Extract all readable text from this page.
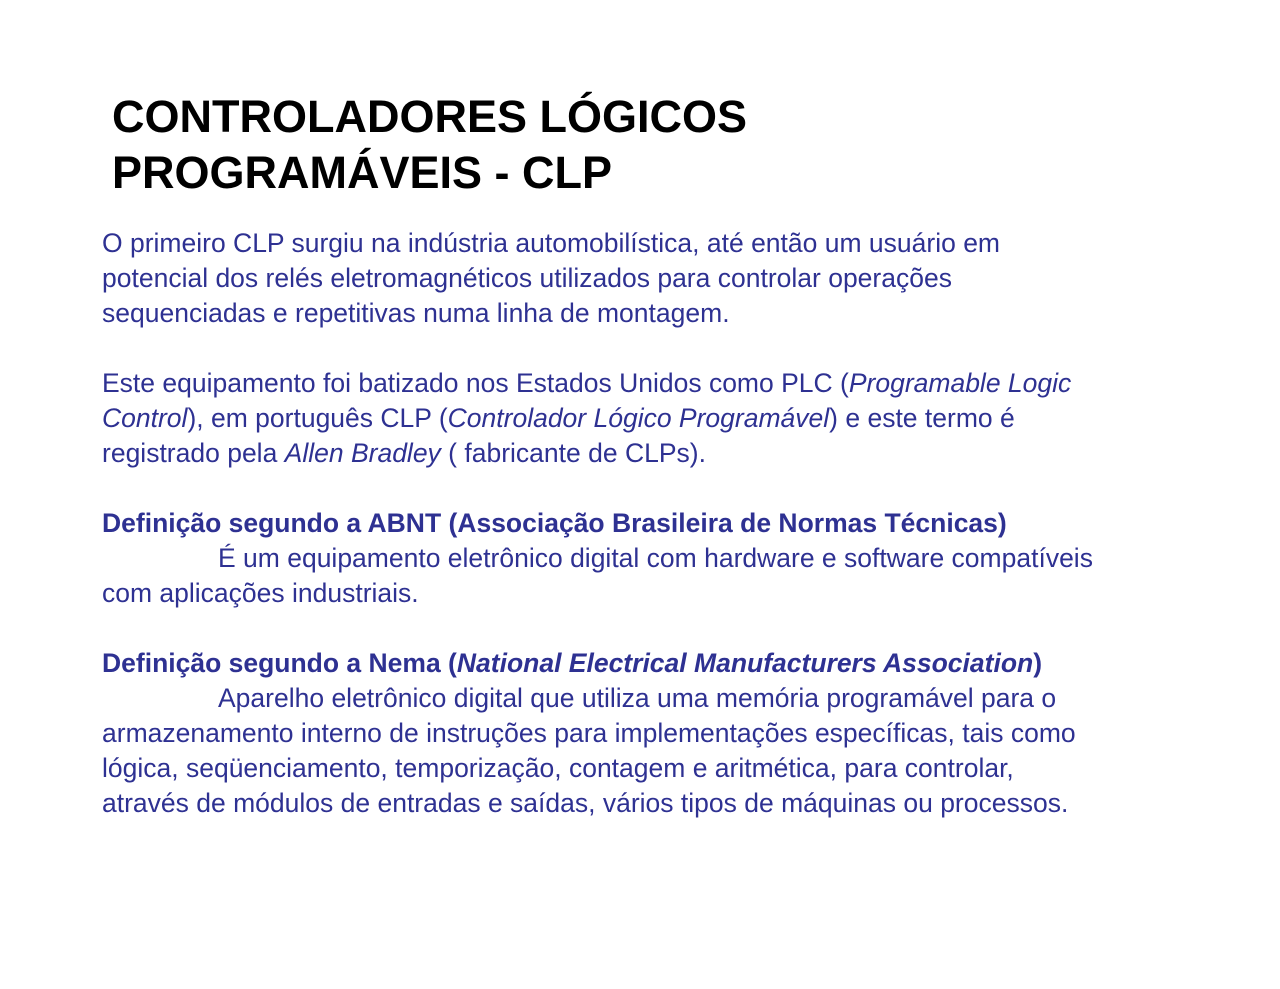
CONTROLADORES LÓGICOS
PROGRAMÁVEIS - CLP

O primeiro CLP surgiu na indústria automobilística, até então um usuário em
potencial dos relés eletromagnéticos utilizados para controlar operações
sequenciadas e repetitivas numa linha de montagem.

Este equipamento foi batizado nos Estados Unidos como PLC (Programable Logic
Control), em português CLP (Controlador Lógico Programável) e este termo é
registrado pela Allen Bradley ( fabricante de CLPs).

Definição segundo a ABNT (Associação Brasileira de Normas Técnicas)
É um equipamento eletrônico digital com hardware e software compatíveis
com aplicações industriais.

Definição segundo a Nema (National Electrical Manufacturers Association)
Aparelho eletrônico digital que utiliza uma memória programável para o
armazenamento interno de instruções para implementações específicas, tais como
lógica, seqüenciamento, temporização, contagem e aritmética, para controlar,
através de módulos de entradas e saídas, vários tipos de máquinas ou processos.
